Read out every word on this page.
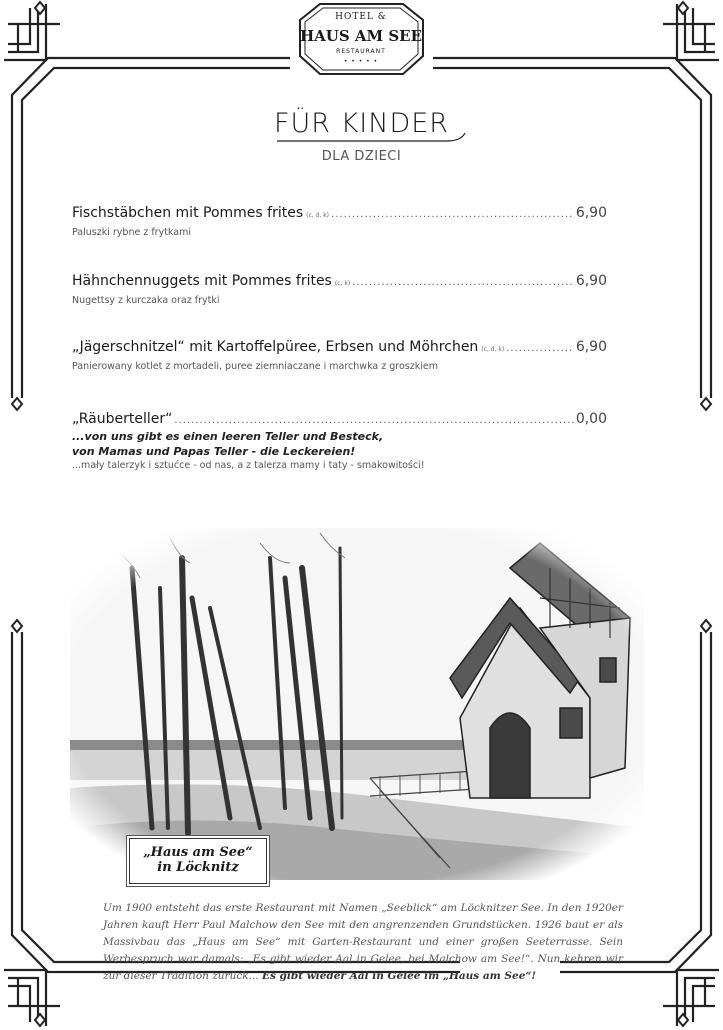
HOTEL &
HAUS AM SEE
RESTAURANT
• • • • •
FÜR KINDER
DLA DZIECI
Fischstäbchen mit Pommes frites (c, d, k) .....	6,90
Paluszki rybne z frytkami
Hähnchennuggets mit Pommes frites (c, k) .....	6,90
Nugettsy z kurczaka oraz frytki
„Jägerschnitzel“ mit Kartoffelpüree, Erbsen und Möhrchen (c, d, k) .....	6,90
Panierowany kotlet z mortadeli, puree ziemniaczane i marchwka z groszkiem
„Räuberteller“ .....	0,00
...von uns gibt es einen leeren Teller und Besteck,
von Mamas und Papas Teller - die Leckereien!
...mały talerzyk i sztućce - od nas, a z talerza mamy i taty - smakowitości!
„Haus am See“
in Löcknitz
Um 1900 entsteht das erste Restaurant mit Namen „Seeblick“ am Löcknitzer See. In den 1920er Jahren kauft Herr Paul Malchow den See mit den angrenzenden Grundstücken. 1926 baut er als Massivbau das „Haus am See“ mit Garten-Restaurant und einer großen Seeterrasse. Sein Werbespruch war damals: „Es gibt wieder Aal in Gelee, bei Malchow am See!“. Nun kehren wir zur dieser Tradition zurück... Es gibt wieder Aal in Gelee im „Haus am See“!
